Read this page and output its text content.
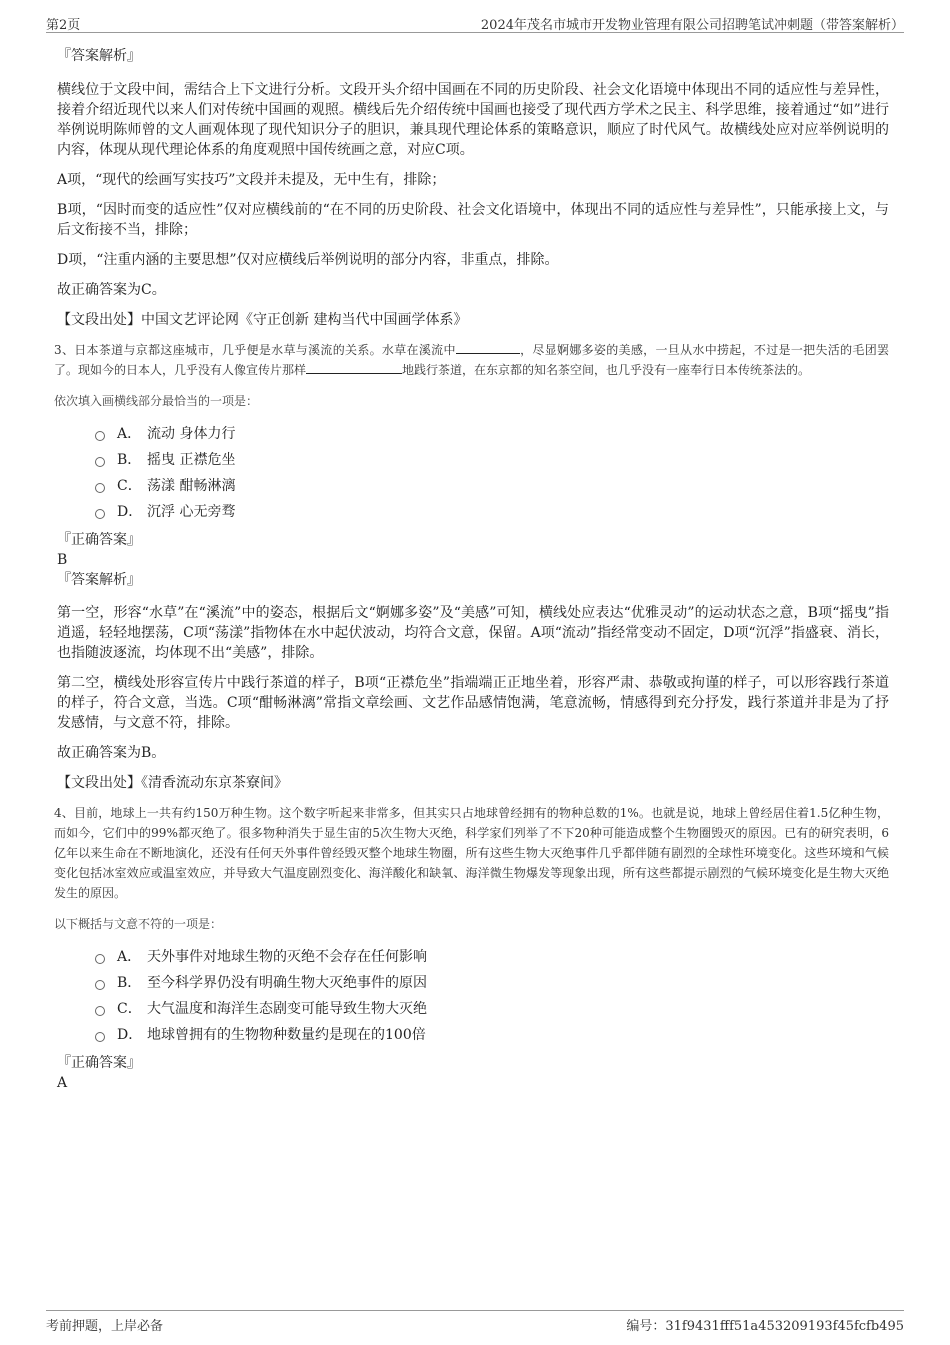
第2页	2024年茂名市城市开发物业管理有限公司招聘笔试冲刺题（带答案解析）
『答案解析』
横线位于文段中间，需结合上下文进行分析。文段开头介绍中国画在不同的历史阶段、社会文化语境中体现出不同的适应性与差异性，接着介绍近现代以来人们对传统中国画的观照。横线后先介绍传统中国画也接受了现代西方学术之民主、科学思维，接着通过“如”进行举例说明陈师曾的文人画观体现了现代知识分子的胆识，兼具现代理论体系的策略意识，顺应了时代风气。故横线处应对应举例说明的内容，体现从现代理论体系的角度观照中国传统画之意，对应C项。
A项，“现代的绘画写实技巧”文段并未提及，无中生有，排除；
B项，“因时而变的适应性”仅对应横线前的“在不同的历史阶段、社会文化语境中，体现出不同的适应性与差异性”，只能承接上文，与后文衔接不当，排除；
D项，“注重内涵的主要思想”仅对应横线后举例说明的部分内容，非重点，排除。
故正确答案为C。
【文段出处】中国文艺评论网《守正创新 建构当代中国画学体系》
3、日本茶道与京都这座城市，几乎便是水草与溪流的关系。水草在溪流中	，尽显婀娜多姿的美感，一旦从水中捞起，不过是一把失活的毛团罢了。现如今的日本人，几乎没有人像宣传片那样	地践行茶道，在东京都的知名茶空间，也几乎没有一座奉行日本传统茶法的。
依次填入画横线部分最恰当的一项是：
A． 流动 身体力行
B． 摇曳 正襟危坐
C． 荡漾 酣畅淋漓
D． 沉浮 心无旁骛
『正确答案』
B
『答案解析』
第一空，形容“水草”在“溪流”中的姿态，根据后文“婀娜多姿”及“美感”可知，横线处应表达“优雅灵动”的运动状态之意，B项“摇曳”指逍遥，轻轻地摆荡，C项“荡漾”指物体在水中起伏波动，均符合文意，保留。A项“流动”指经常变动不固定，D项“沉浮”指盛衰、消长，也指随波逐流，均体现不出“美感”，排除。
第二空，横线处形容宣传片中践行茶道的样子，B项“正襟危坐”指端端正正地坐着，形容严肃、恭敬或拘谨的样子，可以形容践行茶道的样子，符合文意，当选。C项“酣畅淋漓”常指文章绘画、文艺作品感情饱满，笔意流畅，情感得到充分抒发，践行茶道并非是为了抒发感情，与文意不符，排除。
故正确答案为B。
【文段出处】《清香流动东京茶寮间》
4、目前，地球上一共有约150万种生物。这个数字听起来非常多，但其实只占地球曾经拥有的物种总数的1%。也就是说，地球上曾经居住着1.5亿种生物，而如今，它们中的99%都灭绝了。很多物种消失于显生宙的5次生物大灭绝，科学家们列举了不下20种可能造成整个生物圈毁灭的原因。已有的研究表明，6亿年以来生命在不断地演化，还没有任何天外事件曾经毁灭整个地球生物圈，所有这些生物大灭绝事件几乎都伴随有剧烈的全球性环境变化。这些环境和气候变化包括冰室效应或温室效应，并导致大气温度剧烈变化、海洋酸化和缺氧、海洋微生物爆发等现象出现，所有这些都提示剧烈的气候环境变化是生物大灭绝发生的原因。
以下概括与文意不符的一项是：
A． 天外事件对地球生物的灭绝不会存在任何影响
B． 至今科学界仍没有明确生物大灭绝事件的原因
C． 大气温度和海洋生态剧变可能导致生物大灭绝
D． 地球曾拥有的生物物种数量约是现在的100倍
『正确答案』
A
考前押题，上岸必备	编号：31f9431fff51a453209193f45fcfb495
